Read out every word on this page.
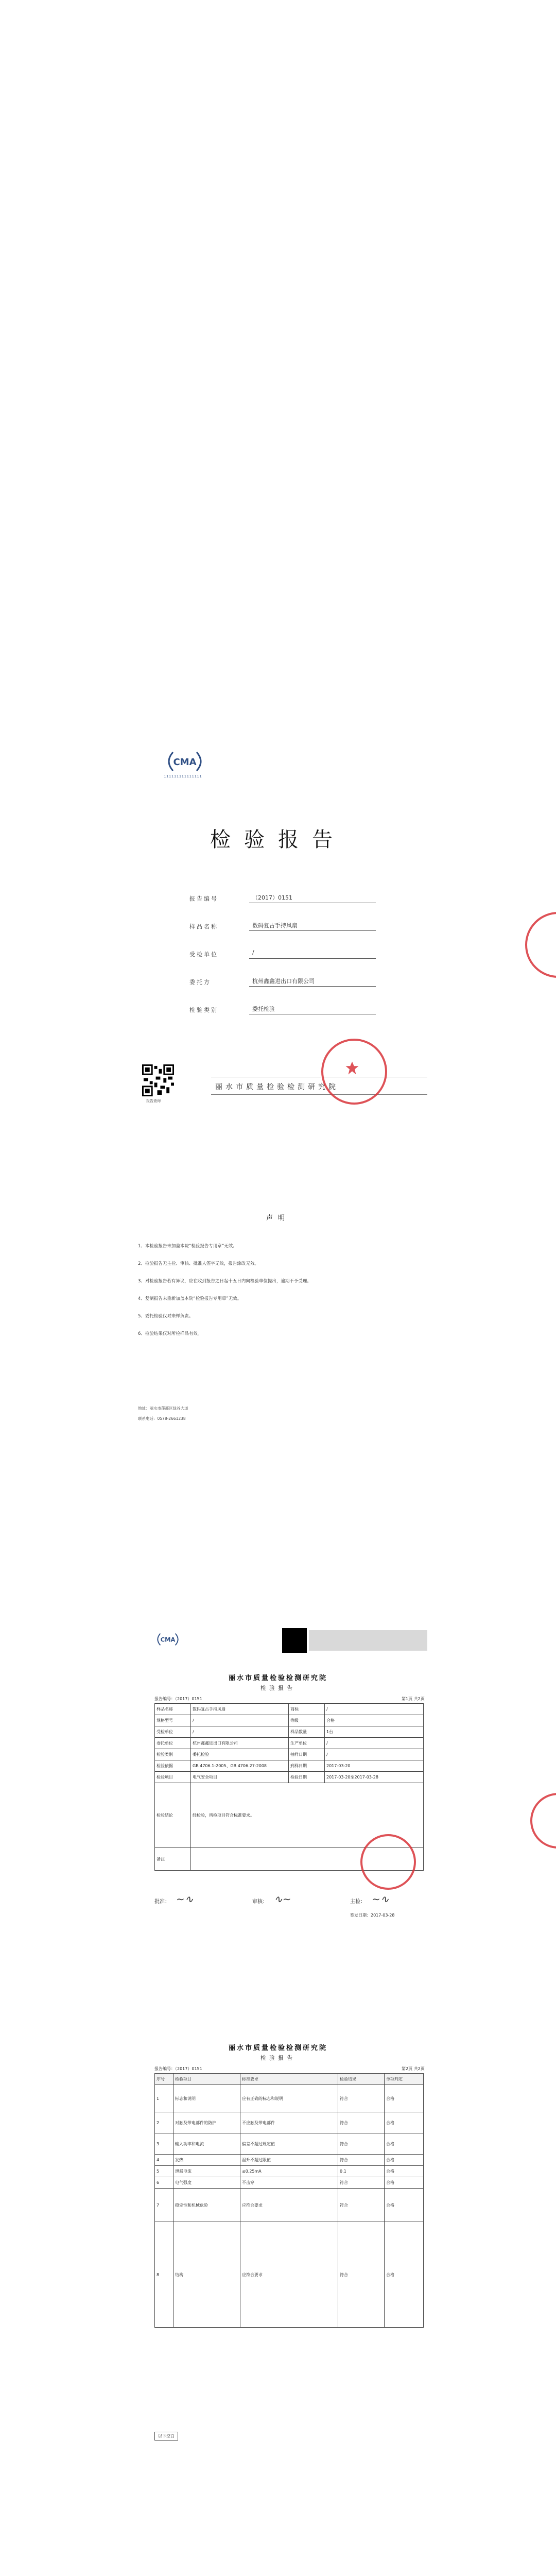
CMA
111111111111111
检验报告
报告编号	（2017）0151
样品名称	数码复古手持风扇
受检单位	/
委托方	杭州鑫鑫进出口有限公司
检验类别	委托检验
报告查询
丽水市质量检验检测研究院
声明
1、本检验报告未加盖本院“检验报告专用章”无效。
2、检验报告无主检、审核、批准人签字无效，报告涂改无效。
3、对检验报告若有异议，应在收到报告之日起十五日内向检验单位提出，逾期不予受理。
4、复制报告未重新加盖本院“检验报告专用章”无效。
5、委托检验仅对来样负责。
6、检验结果仅对所检样品有效。
地址：丽水市莲都区绿谷大道
联系电话：0578-2661238
CMA
丽水市质量检验检测研究院
检验报告
报告编号：（2017）0151	第1页 共2页
样品名称	数码复古手持风扇	商标	/
规格型号	/	等级	合格
受检单位	/	样品数量	1台
委托单位	杭州鑫鑫进出口有限公司	生产单位	/
检验类别	委托检验	抽样日期	/
检验依据	GB 4706.1-2005、GB 4706.27-2008	到样日期	2017-03-20
检验项目	电气安全项目	检验日期	2017-03-20至2017-03-28
检验结论	经检验，所检项目符合标准要求。		
备注			
批准： ∼∿	审核： ∿∼	主检： ∼∿
签发日期：2017-03-28
丽水市质量检验检测研究院
检验报告
报告编号：（2017）0151	第2页 共2页
序号	检验项目	标准要求	检验结果	单项判定
1	标志和说明	应有正确的标志和说明	符合	合格
2	对触及带电部件的防护	不应触及带电部件	符合	合格
3	输入功率和电流	偏差不超过规定值	符合	合格
4	发热	温升不超过限值	符合	合格
5	泄漏电流	≤0.25mA	0.1	合格
6	电气强度	不击穿	符合	合格
7	稳定性和机械危险	应符合要求	符合	合格
8	结构	应符合要求	符合	合格
以下空白
